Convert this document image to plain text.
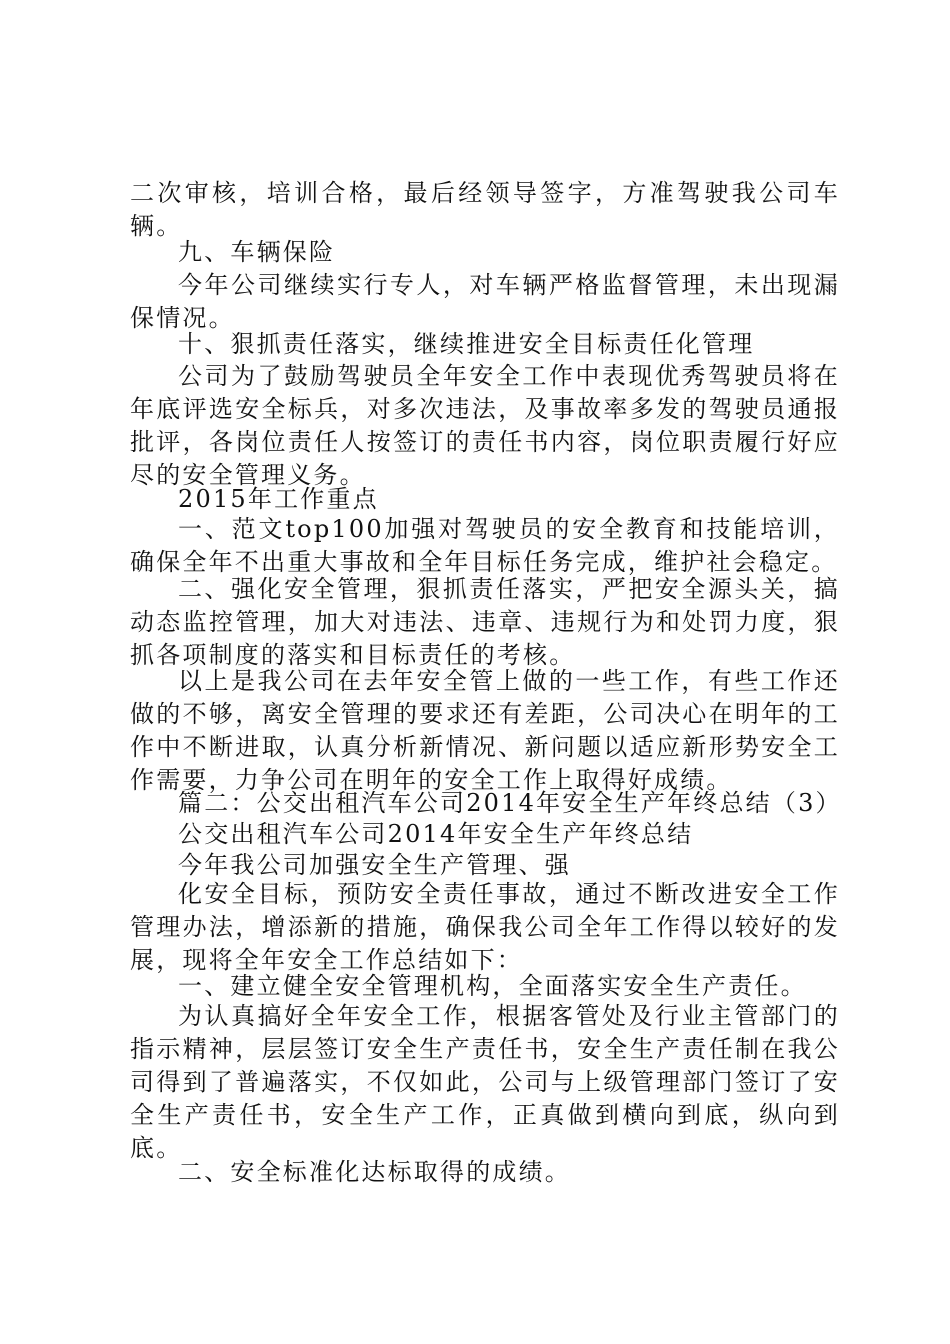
二次审核，培训合格，最后经领导签字，方准驾驶我公司车辆。

九、车辆保险

今年公司继续实行专人，对车辆严格监督管理，未出现漏保情况。

十、狠抓责任落实，继续推进安全目标责任化管理

公司为了鼓励驾驶员全年安全工作中表现优秀驾驶员将在年底评选安全标兵，对多次违法，及事故率多发的驾驶员通报批评，各岗位责任人按签订的责任书内容，岗位职责履行好应尽的安全管理义务。

2015年工作重点

一、范文top100加强对驾驶员的安全教育和技能培训，确保全年不出重大事故和全年目标任务完成，维护社会稳定。

二、强化安全管理，狠抓责任落实，严把安全源头关，搞动态监控管理，加大对违法、违章、违规行为和处罚力度，狠抓各项制度的落实和目标责任的考核。

以上是我公司在去年安全管上做的一些工作，有些工作还做的不够，离安全管理的要求还有差距，公司决心在明年的工作中不断进取，认真分析新情况、新问题以适应新形势安全工作需要，力争公司在明年的安全工作上取得好成绩。

篇二：公交出租汽车公司2014年安全生产年终总结（3）

公交出租汽车公司2014年安全生产年终总结

今年我公司加强安全生产管理、强

化安全目标，预防安全责任事故，通过不断改进安全工作管理办法，增添新的措施，确保我公司全年工作得以较好的发展，现将全年安全工作总结如下：

一、建立健全安全管理机构，全面落实安全生产责任。

为认真搞好全年安全工作，根据客管处及行业主管部门的指示精神，层层签订安全生产责任书，安全生产责任制在我公司得到了普遍落实，不仅如此，公司与上级管理部门签订了安全生产责任书，安全生产工作，正真做到横向到底，纵向到底。

二、安全标准化达标取得的成绩。
